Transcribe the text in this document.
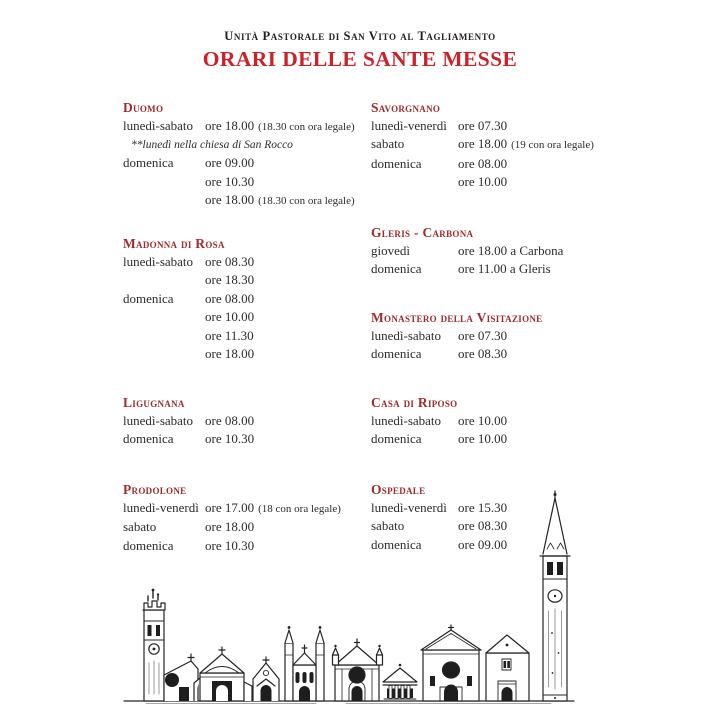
Unità Pastorale di San Vito al Tagliamento
ORARI DELLE SANTE MESSE
Duomo
lunedì-sabato ore 18.00 (18.30 con ora legale)
**lunedì nella chiesa di San Rocco
domenica ore 09.00
ore 10.30
ore 18.00 (18.30 con ora legale)
Madonna di Rosa
lunedì-sabato ore 08.30
ore 18.30
domenica ore 08.00
ore 10.00
ore 11.30
ore 18.00
Ligugnana
lunedì-sabato ore 08.00
domenica ore 10.30
Prodolone
lunedì-venerdì ore 17.00 (18 con ora legale)
sabato	ore 18.00
domenica ore 10.30
Savorgnano
lunedì-venerdì ore 07.30
sabato	ore 18.00 (19 con ora legale)
domenica	ore 08.00
ore 10.00
Gleris - Carbona
giovedì	ore 18.00 a Carbona
domenica	ore 11.00 a Gleris
Monastero della Visitazione
lunedì-sabato ore 07.30
domenica	ore 08.30
Casa di Riposo
lunedì-sabato ore 10.00
domenica	ore 10.00
Ospedale
lunedì-venerdì ore 15.30
sabato	ore 08.30
domenica	ore 09.00
